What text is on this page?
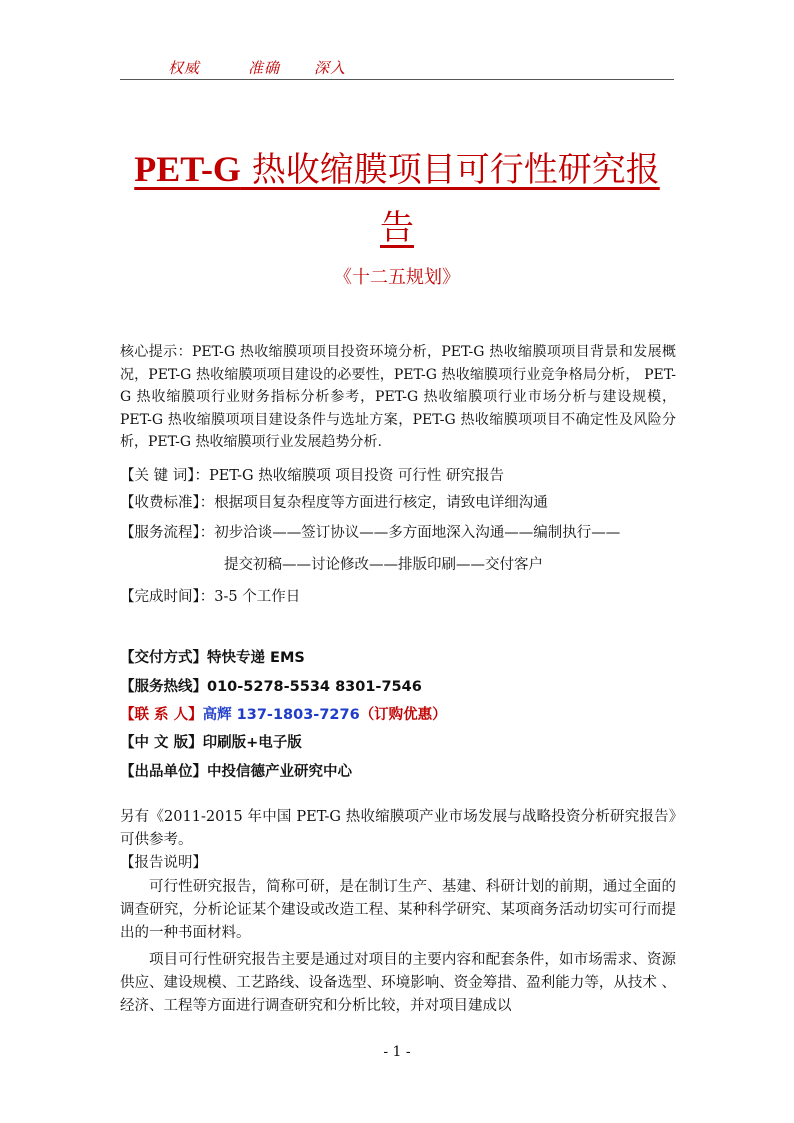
权威	准确 深入
PET-G 热收缩膜项目可行性研究报告
《十二五规划》

核心提示：PET-G 热收缩膜项项目投资环境分析，PET-G 热收缩膜项项目背景和发展概况，PET-G 热收缩膜项项目建设的必要性，PET-G 热收缩膜项行业竞争格局分析， PET-G 热收缩膜项行业财务指标分析参考，PET-G 热收缩膜项行业市场分析与建设规模，PET-G 热收缩膜项项目建设条件与选址方案，PET-G 热收缩膜项项目不确定性及风险分析，PET-G 热收缩膜项行业发展趋势分析.

【关 键 词】：PET-G 热收缩膜项 项目投资 可行性 研究报告
【收费标准】：根据项目复杂程度等方面进行核定，请致电详细沟通
【服务流程】：初步洽谈——签订协议——多方面地深入沟通——编制执行——
提交初稿——讨论修改——排版印刷——交付客户
【完成时间】：3-5 个工作日
【交付方式】特快专递 EMS
【服务热线】010-5278-5534 8301-7546
【联 系 人】高辉 137-1803-7276（订购优惠）
【中 文 版】印刷版+电子版
【出品单位】中投信德产业研究中心

另有《2011-2015 年中国 PET-G 热收缩膜项产业市场发展与战略投资分析研究报告》可供参考。

【报告说明】

可行性研究报告，简称可研，是在制订生产、基建、科研计划的前期，通过全面的调查研究，分析论证某个建设或改造工程、某种科学研究、某项商务活动切实可行而提出的一种书面材料。

项目可行性研究报告主要是通过对项目的主要内容和配套条件，如市场需求、资源供应、建设规模、工艺路线、设备选型、环境影响、资金筹措、盈利能力等，从技术 、经济、工程等方面进行调查研究和分析比较，并对项目建成以

- 1 -
